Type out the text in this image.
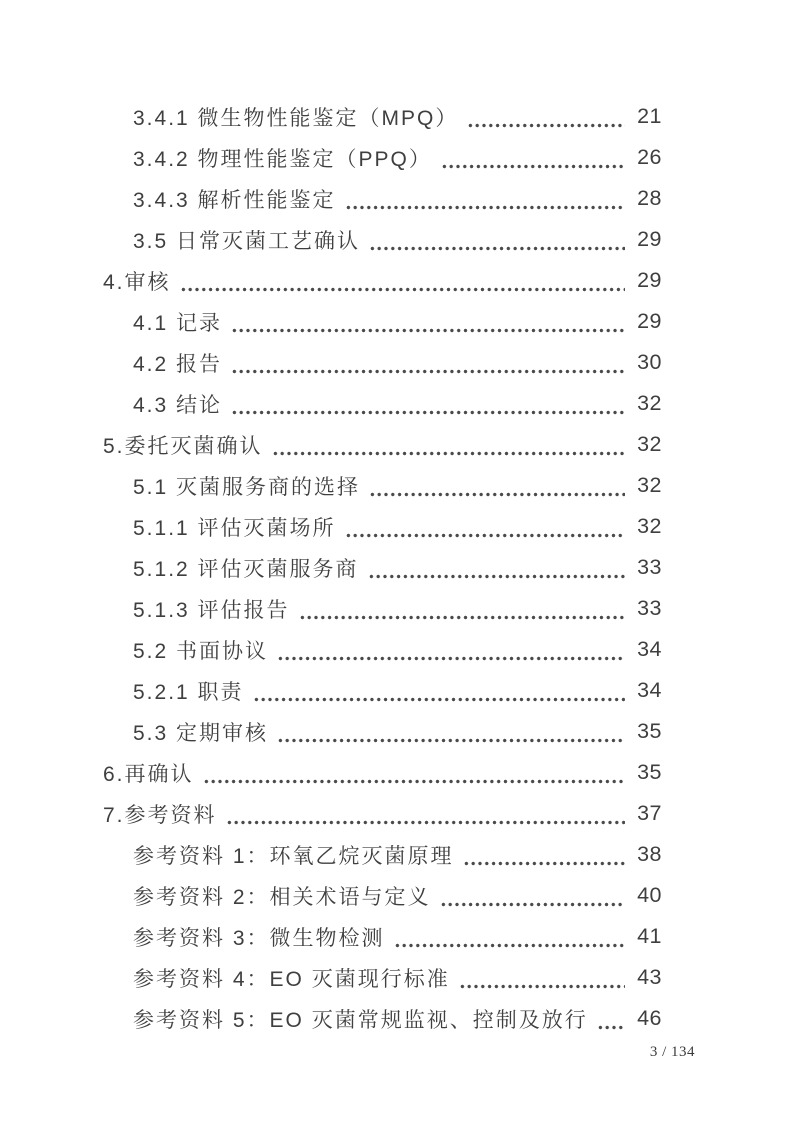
3.4.1 微生物性能鉴定（MPQ）	21
3.4.2 物理性能鉴定（PPQ）	26
3.4.3 解析性能鉴定	28
3.5 日常灭菌工艺确认	29
4.审核	29
4.1 记录	29
4.2 报告	30
4.3 结论	32
5.委托灭菌确认	32
5.1 灭菌服务商的选择	32
5.1.1 评估灭菌场所	32
5.1.2 评估灭菌服务商	33
5.1.3 评估报告	33
5.2 书面协议	34
5.2.1 职责	34
5.3 定期审核	35
6.再确认	35
7.参考资料	37
参考资料 1：环氧乙烷灭菌原理	38
参考资料 2：相关术语与定义	40
参考资料 3：微生物检测	41
参考资料 4：EO 灭菌现行标准	43
参考资料 5：EO 灭菌常规监视、控制及放行	46
3 / 134
